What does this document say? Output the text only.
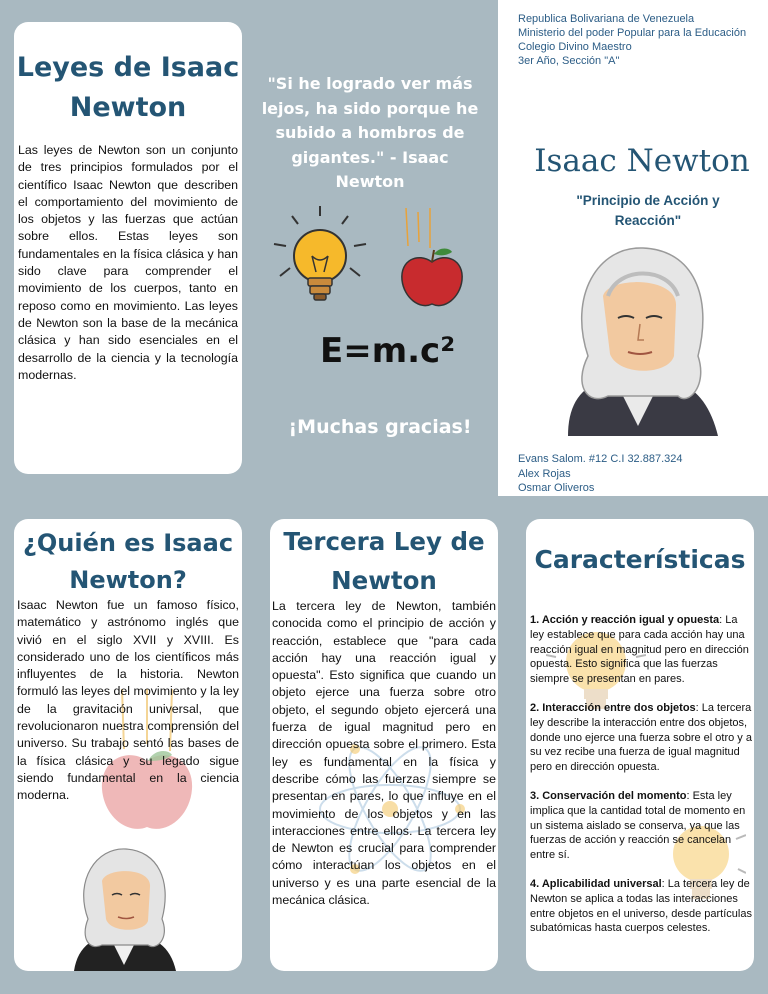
Leyes de Isaac Newton

Las leyes de Newton son un conjunto de tres principios formulados por el científico Isaac Newton que describen el comportamiento del movimiento de los objetos y las fuerzas que actúan sobre ellos. Estas leyes son fundamentales en la física clásica y han sido clave para comprender el movimiento de los cuerpos, tanto en reposo como en movimiento. Las leyes de Newton son la base de la mecánica clásica y han sido esenciales en el desarrollo de la ciencia y la tecnología modernas.

"Si he logrado ver más lejos, ha sido porque he subido a hombros de gigantes." - Isaac Newton
¡Muchas gracias!
E=m.c²
Republica Bolivariana de Venezuela
Ministerio del poder Popular para la Educación
Colegio Divino Maestro
3er Año, Sección "A"
Isaac Newton
"Principio de Acción y Reacción"
Evans Salom. #12 C.I 32.887.324
Alex Rojas
Osmar Oliveros
¿Quién es Isaac Newton?

Isaac Newton fue un famoso físico, matemático y astrónomo inglés que vivió en el siglo XVII y XVIII. Es considerado uno de los científicos más influyentes de la historia. Newton formuló las leyes del movimiento y la ley de la gravitación universal, que revolucionaron nuestra comprensión del universo. Su trabajo sentó las bases de la física clásica y su legado sigue siendo fundamental en la ciencia moderna.

Tercera Ley de Newton

La tercera ley de Newton, también conocida como el principio de acción y reacción, establece que "para cada acción hay una reacción igual y opuesta". Esto significa que cuando un objeto ejerce una fuerza sobre otro objeto, el segundo objeto ejercerá una fuerza de igual magnitud pero en dirección opuesta sobre el primero. Esta ley es fundamental en la física y describe cómo las fuerzas siempre se presentan en pares, lo que influye en el movimiento de los objetos y en las interacciones entre ellos. La tercera ley de Newton es crucial para comprender cómo interactúan los objetos en el universo y es una parte esencial de la mecánica clásica.

Características
1. Acción y reacción igual y opuesta: La ley establece que para cada acción hay una reacción igual en magnitud pero en dirección opuesta. Esto significa que las fuerzas siempre se presentan en pares.
2. Interacción entre dos objetos: La tercera ley describe la interacción entre dos objetos, donde uno ejerce una fuerza sobre el otro y a su vez recibe una fuerza de igual magnitud pero en dirección opuesta.
3. Conservación del momento: Esta ley implica que la cantidad total de momento en un sistema aislado se conserva, ya que las fuerzas de acción y reacción se cancelan entre sí.
4. Aplicabilidad universal: La tercera ley de Newton se aplica a todas las interacciones entre objetos en el universo, desde partículas subatómicas hasta cuerpos celestes.
